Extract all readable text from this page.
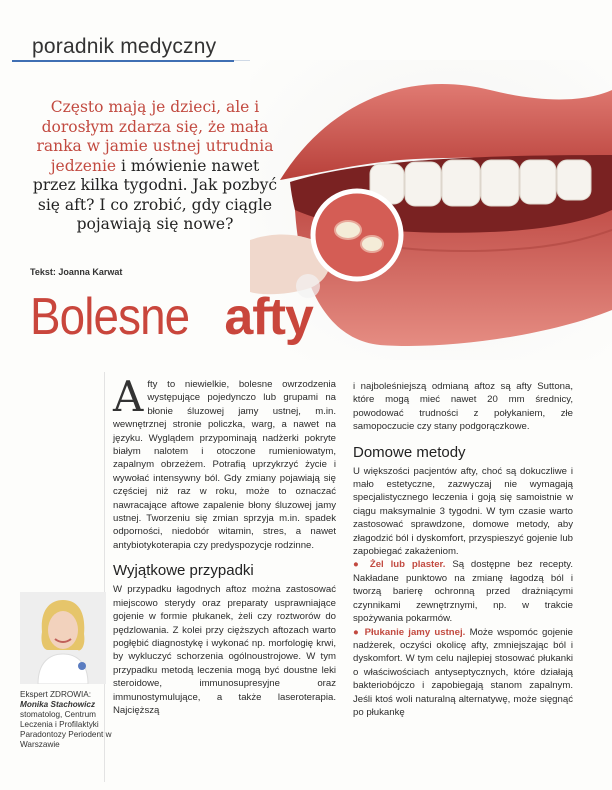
poradnik medyczny
Często mają je dzieci, ale i dorosłym zdarza się, że mała ranka w jamie ustnej utrudnia jedzenie i mówienie nawet przez kilka tygodni. Jak pozbyć się aft? I co zrobić, gdy ciągle pojawiają się nowe?
Tekst: Joanna Karwat
Bolesne afty
A fty to niewielkie, bolesne owrzodzenia występujące pojedynczo lub grupami na błonie śluzowej jamy ustnej, m.in. wewnętrznej stronie policzka, warg, a nawet na języku. Wyglądem przypominają nadżerki pokryte białym nalotem i otoczone rumieniowatym, zapalnym obrzeżem. Potrafią uprzykrzyć życie i wywołać intensywny ból. Gdy zmiany pojawiają się częściej niż raz w roku, może to oznaczać nawracające aftowe zapalenie błony śluzowej jamy ustnej. Tworzeniu się zmian sprzyja m.in. spadek odporności, niedobór witamin, stres, a nawet antybiotykoterapia czy predyspozycje rodzinne.
Wyjątkowe przypadki
W przypadku łagodnych aftoz można zastosować miejscowo sterydy oraz preparaty usprawniające gojenie w formie płukanek, żeli czy roztworów do pędzlowania. Z kolei przy cięższych aftozach warto pogłębić diagnostykę i wykonać np. morfologię krwi, by wykluczyć schorzenia ogólnoustrojowe. W tym przypadku metodą leczenia mogą być doustne leki steroidowe, immunosupresyjne oraz immunostymulujące, a także laseroterapia. Najcięższą
i najboleśniejszą odmianą aftoz są afty Suttona, które mogą mieć nawet 20 mm średnicy, powodować trudności z połykaniem, złe samopoczucie czy stany podgorączkowe.
Domowe metody
U większości pacjentów afty, choć są dokuczliwe i mało estetyczne, zazwyczaj nie wymagają specjalistycznego leczenia i goją się samoistnie w ciągu maksymalnie 3 tygodni. W tym czasie warto zastosować sprawdzone, domowe metody, aby złagodzić ból i dyskomfort, przyspieszyć gojenie lub zapobiegać zakażeniom.
● Żel lub plaster. Są dostępne bez recepty. Nakładane punktowo na zmianę łagodzą ból i tworzą barierę ochronną przed drażniącymi czynnikami zewnętrznymi, np. w trakcie spożywania pokarmów.
● Płukanie jamy ustnej. Może wspomóc gojenie nadżerek, oczyści okolicę afty, zmniejszając ból i dyskomfort. W tym celu najlepiej stosować płukanki o właściwościach antyseptycznych, które działają bakteriobójczo i zapobiegają stanom zapalnym. Jeśli ktoś woli naturalną alternatywę, może sięgnąć po płukankę
Ekspert ZDROWIA:
Monika Stachowicz
stomatolog, Centrum Leczenia i Profilaktyki Paradontozy Periodent w Warszawie
